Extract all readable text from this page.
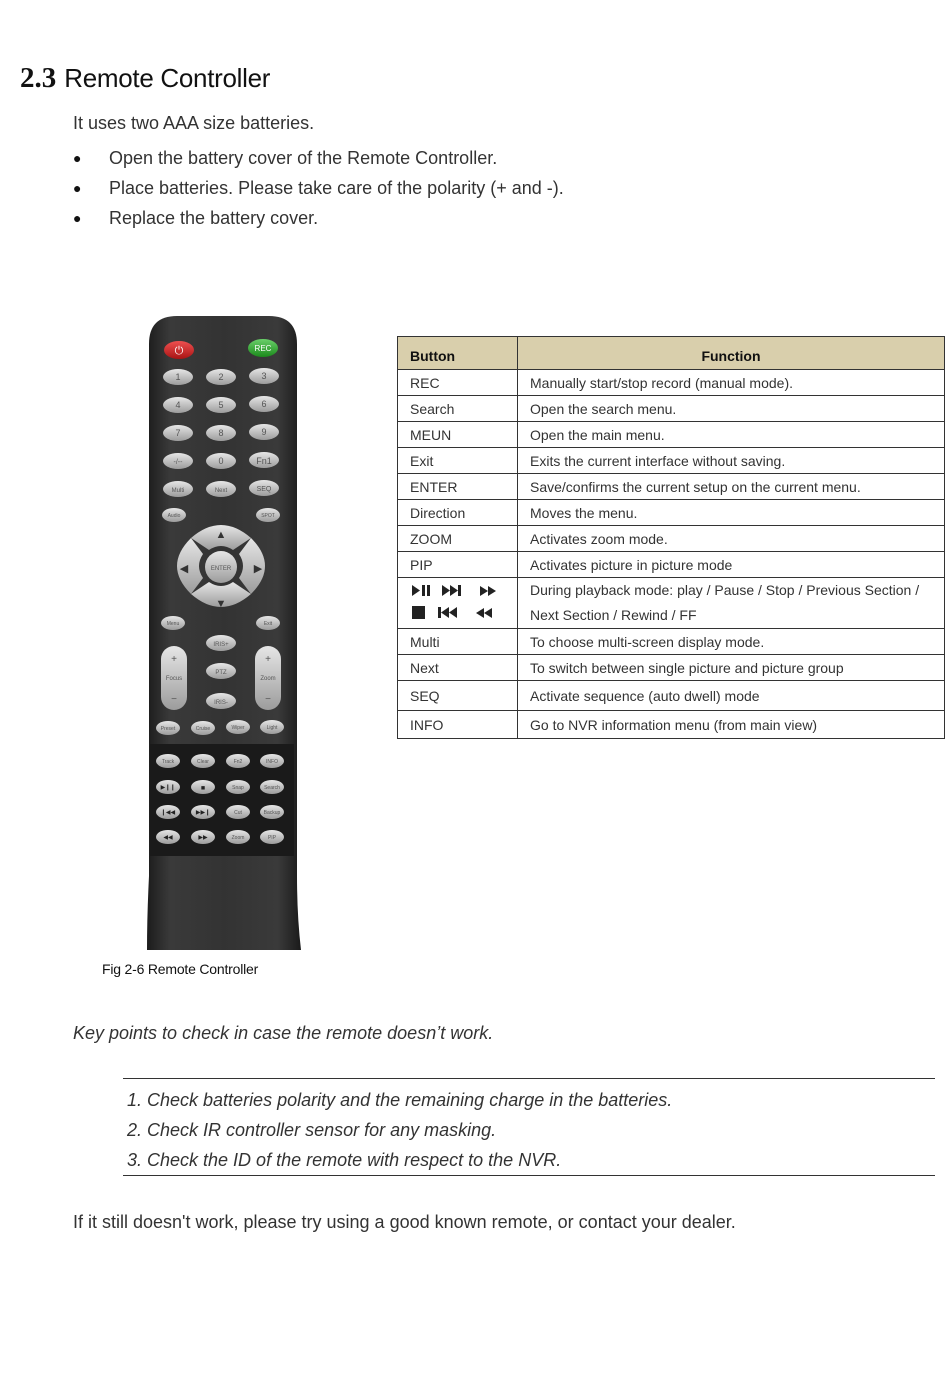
2.3 Remote Controller
It uses two AAA size batteries.
●	Open the battery cover of the Remote Controller.
●	Place batteries. Please take care of the polarity (+ and -).
●	Replace the battery cover.
⏻	REC
1	2	3
4	5	6
7	8	9
-/--	0	Fn1
Multi	Next	SEQ
Audio	SPOT
▲
▼
◀	▶
ENTER
Menu	Exit
IRIS+
PTZ
IRIS-
+
Focus
−
+
Zoom
−
Preset	Cruise	Wiper	Light
Track	Clear	Fn2	INFO
▶❙❙	■	Snap	Search
❙◀◀	▶▶❙	Cut	Backup
◀◀	▶▶	Zoom	PIP
Fig 2-6 Remote Controller
Button	Function
REC	Manually start/stop record (manual mode).
Search	Open the search menu.
MEUN	Open the main menu.
Exit	Exits the current interface without saving.
ENTER	Save/confirms the current setup on the current menu.
Direction	Moves the menu.
ZOOM	Activates zoom mode.
PIP	Activates picture in picture mode

	During playback mode: play / Pause / Stop / Previous Section / Next Section / Rewind / FF
Multi	To choose multi-screen display mode.
Next	To switch between single picture and picture group
SEQ	Activate sequence (auto dwell) mode
INFO	Go to NVR information menu (from main view)
Key points to check in case the remote doesn’t work.
1. Check batteries polarity and the remaining charge in the batteries.
2. Check IR controller sensor for any masking.
3. Check the ID of the remote with respect to the NVR.
If it still doesn't work, please try using a good known remote, or contact your dealer.
